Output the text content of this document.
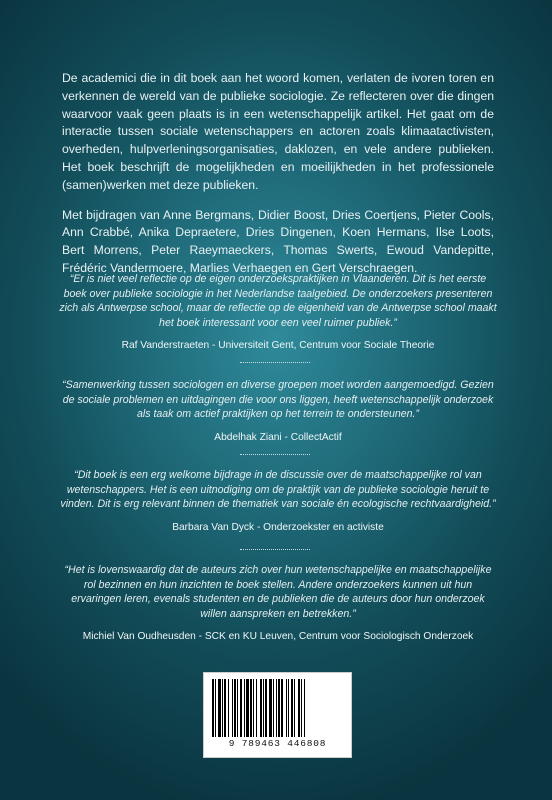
De academici die in dit boek aan het woord komen, verlaten de ivoren toren en verkennen de wereld van de publieke sociologie. Ze reflecteren over die dingen waarvoor vaak geen plaats is in een wetenschappelijk artikel. Het gaat om de interactie tussen sociale wetenschappers en actoren zoals klimaatactivisten, overheden, hulpverleningsorganisaties, daklozen, en vele andere publieken. Het boek beschrijft de mogelijkheden en moeilijkheden in het professionele (samen)werken met deze publieken.

Met bijdragen van Anne Bergmans, Didier Boost, Dries Coertjens, Pieter Cools, Ann Crabbé, Anika Depraetere, Dries Dingenen, Koen Hermans, Ilse Loots, Bert Morrens, Peter Raeymaeckers, Thomas Swerts, Ewoud Vandepitte, Frédéric Vandermoere, Marlies Verhaegen en Gert Verschraegen.

“Er is niet veel reflectie op de eigen onderzoekspraktijken in Vlaanderen. Dit is het eerste boek over publieke sociologie in het Nederlandse taalgebied. De onderzoekers presenteren zich als Antwerpse school, maar de reflectie op de eigenheid van de Antwerpse school maakt het boek interessant voor een veel ruimer publiek.”

Raf Vanderstraeten - Universiteit Gent, Centrum voor Sociale Theorie

“Samenwerking tussen sociologen en diverse groepen moet worden aangemoedigd. Gezien de sociale problemen en uitdagingen die voor ons liggen, heeft wetenschappelijk onderzoek als taak om actief praktijken op het terrein te ondersteunen.”

Abdelhak Ziani - CollectActif

“Dit boek is een erg welkome bijdrage in de discussie over de maatschappelijke rol van wetenschappers. Het is een uitnodiging om de praktijk van de publieke sociologie heruit te vinden. Dit is erg relevant binnen de thematiek van sociale én ecologische rechtvaardigheid.”

Barbara Van Dyck - Onderzoekster en activiste

“Het is lovenswaardig dat de auteurs zich over hun wetenschappelijke en maatschappelijke rol bezinnen en hun inzichten te boek stellen. Andere onderzoekers kunnen uit hun ervaringen leren, evenals studenten en de publieken die de auteurs door hun onderzoek willen aanspreken en betrekken.”

Michiel Van Oudheusden - SCK en KU Leuven, Centrum voor Sociologisch Onderzoek

9 789463 446808
